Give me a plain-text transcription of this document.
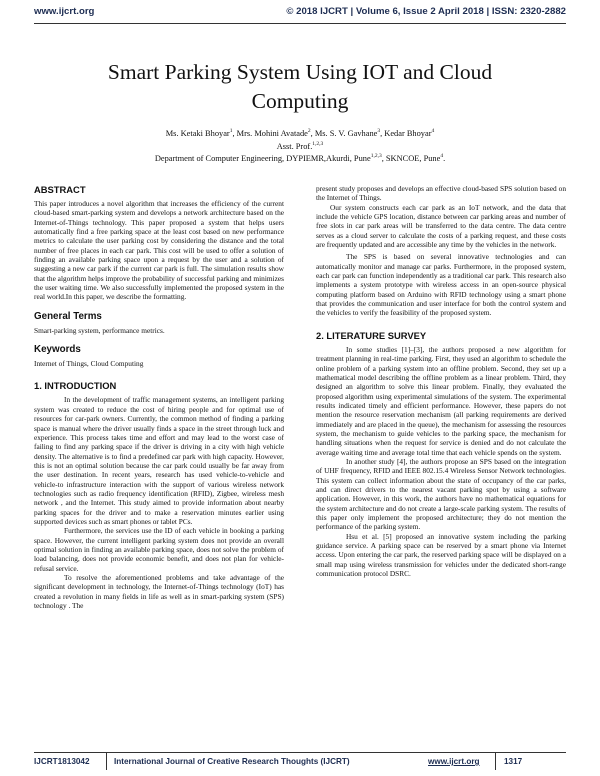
www.ijcrt.org	© 2018 IJCRT | Volume 6, Issue 2 April 2018 | ISSN: 2320-2882
Smart Parking System Using IOT and Cloud
Computing
Ms. Ketaki Bhoyar$^1$, Mrs. Mohini Avatade$^2$, Ms. S. V. Gavhane$^3$, Kedar Bhoyar$^4$
Asst. Prof.$^{1,2,3}$
Department of Computer Engineering, DYPIEMR,Akurdi, Pune$^{1,2,3}$, SKNCOE, Pune$^4$.
ABSTRACT

This paper introduces a novel algorithm that increases the efficiency of the current cloud-based smart-parking system and develops a network architecture based on the Internet-of-Things technology. This paper proposed a system that helps users automatically find a free parking space at the least cost based on new performance metrics to calculate the user parking cost by considering the distance and the total number of free places in each car park. This cost will be used to offer a solution of finding an available parking space upon a request by the user and a solution of suggesting a new car park if the current car park is full. The simulation results show that the algorithm helps improve the probability of successful parking and minimizes the user waiting time. We also successfully implemented the proposed system in the real world.In this paper, we describe the formatting.

General Terms

Smart-parking system, performance metrics.

Keywords

Internet of Things, Cloud Computing

1. INTRODUCTION

In the development of traffic management systems, an intelligent parking system was created to reduce the cost of hiring people and for optimal use of resources for car-park owners. Currently, the common method of finding a parking space is manual where the driver usually finds a space in the street through luck and experience. This process takes time and effort and may lead to the worst case of failing to find any parking space if the driver is driving in a city with high vehicle density. The alternative is to find a predefined car park with high capacity. However, this is not an optimal solution because the car park could usually be far away from the user destination. In recent years, research has used vehicle-to-vehicle and vehicle-to infrastructure interaction with the support of various wireless network technologies such as radio frequency identification (RFID), Zigbee, wireless mesh network , and the Internet. This study aimed to provide information about nearby parking spaces for the driver and to make a reservation minutes earlier using supported devices such as smart phones or tablet PCs.

Furthermore, the services use the ID of each vehicle in booking a parking space. However, the current intelligent parking system does not provide an overall optimal solution in finding an available parking space, does not solve the problem of load balancing, does not provide economic benefit, and does not plan for vehicle-refusal service.

To resolve the aforementioned problems and take advantage of the significant development in technology, the Internet-of-Things technology (IoT) has created a revolution in many fields in life as well as in smart-parking system (SPS) technology . The

present study proposes and develops an effective cloud-based SPS solution based on the Internet of Things.

Our system constructs each car park as an IoT network, and the data that include the vehicle GPS location, distance between car parking areas and number of free slots in car park areas will be transferred to the data centre. The data centre serves as a cloud server to calculate the costs of a parking request, and these costs are frequently updated and are accessible any time by the vehicles in the network.

The SPS is based on several innovative technologies and can automatically monitor and manage car parks. Furthermore, in the proposed system, each car park can function independently as a traditional car park. This research also implements a system prototype with wireless access in an open-source physical computing platform based on Arduino with RFID technology using a smart phone that provides the communication and user interface for both the control system and the vehicles to verify the feasibility of the proposed system.

2. LITERATURE SURVEY

In some studies [1]–[3], the authors proposed a new algorithm for treatment planning in real-time parking. First, they used an algorithm to schedule the online problem of a parking system into an offline problem. Second, they set up a mathematical model describing the offline problem as a linear problem. Third, they designed an algorithm to solve this linear problem. Finally, they evaluated the proposed algorithm using experimental simulations of the system. The experimental results indicated timely and efficient performance. However, these papers do not mention the resource reservation mechanism (all parking requirements are derived immediately and are placed in the queue), the mechanism for assessing the resources system, the mechanism to guide vehicles to the parking space, the mechanism for handling situations when the request for service is denied and do not calculate the average waiting time and average total time that each vehicle spends on the system.

In another study [4], the authors propose an SPS based on the integration of UHF frequency, RFID and IEEE 802.15.4 Wireless Sensor Network technologies. This system can collect information about the state of occupancy of the car parks, and can direct drivers to the nearest vacant parking spot by using a software application. However, in this work, the authors have no mathematical equations for the system architecture and do not create a large-scale parking system. The results of this paper only implement the proposed architecture; they do not mention the performance of the parking system.

Hsu et al. [5] proposed an innovative system including the parking guidance service. A parking space can be reserved by a smart phone via Internet access. Upon entering the car park, the reserved parking space will be displayed on a small map using wireless transmission for vehicles under the dedicated short-range communication protocol DSRC.

IJCRT1813042	International Journal of Creative Research Thoughts (IJCRT)	www.ijcrt.org	1317
